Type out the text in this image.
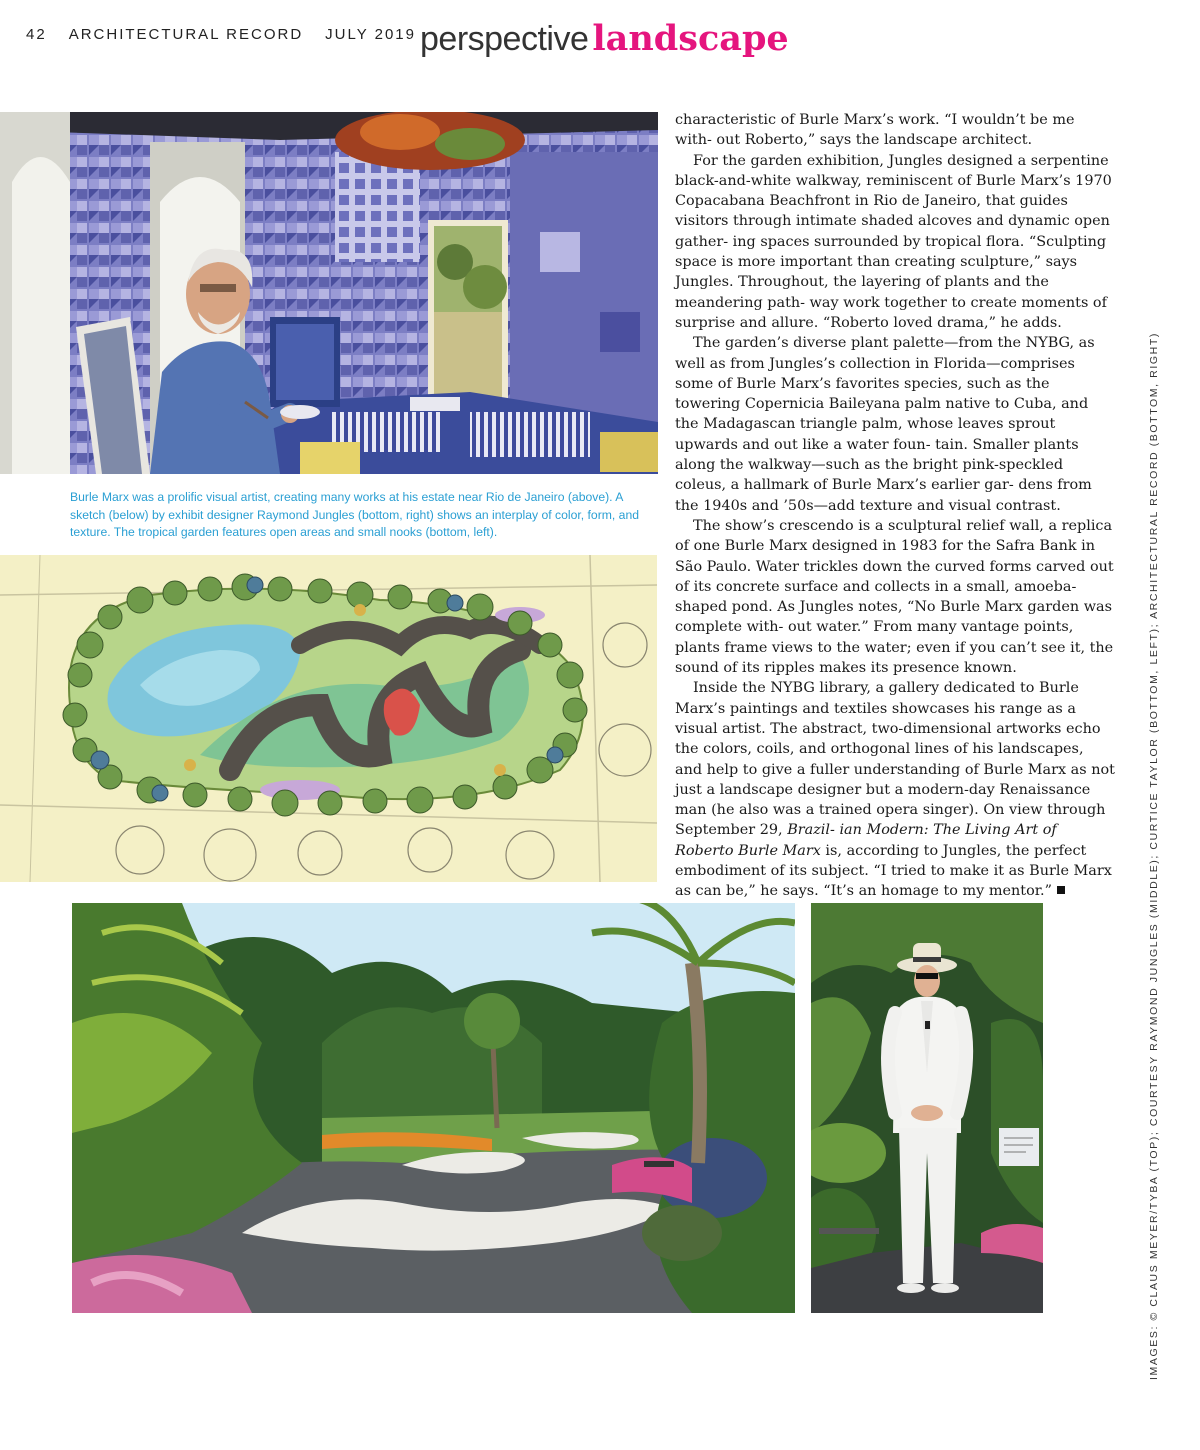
42 ARCHITECTURAL RECORD JULY 2019 perspective landscape
Burle Marx was a prolific visual artist, creating many works at his estate near Rio de Janeiro (above). A sketch (below) by exhibit designer Raymond Jungles (bottom, right) shows an interplay of color, form, and texture. The tropical garden features open areas and small nooks (bottom, left).

characteristic of Burle Marx’s work. “I wouldn’t be me with- out Roberto,” says the landscape architect.

For the garden exhibition, Jungles designed a serpentine black-and-white walkway, reminiscent of Burle Marx’s 1970 Copacabana Beachfront in Rio de Janeiro, that guides visitors through intimate shaded alcoves and dynamic open gather- ing spaces surrounded by tropical flora. “Sculpting space is more important than creating sculpture,” says Jungles. Throughout, the layering of plants and the meandering path- way work together to create moments of surprise and allure. “Roberto loved drama,” he adds.

The garden’s diverse plant palette—from the NYBG, as well as from Jungles’s collection in Florida—comprises some of Burle Marx’s favorites species, such as the towering Copernicia Baileyana palm native to Cuba, and the Madagascan triangle palm, whose leaves sprout upwards and out like a water foun- tain. Smaller plants along the walkway—such as the bright pink-speckled coleus, a hallmark of Burle Marx’s earlier gar- dens from the 1940s and ’50s—add texture and visual contrast.

The show’s crescendo is a sculptural relief wall, a replica of one Burle Marx designed in 1983 for the Safra Bank in São Paulo. Water trickles down the curved forms carved out of its concrete surface and collects in a small, amoeba-shaped pond. As Jungles notes, “No Burle Marx garden was complete with- out water.” From many vantage points, plants frame views to the water; even if you can’t see it, the sound of its ripples makes its presence known.

Inside the NYBG library, a gallery dedicated to Burle Marx’s paintings and textiles showcases his range as a visual artist. The abstract, two-dimensional artworks echo the colors, coils, and orthogonal lines of his landscapes, and help to give a fuller understanding of Burle Marx as not just a landscape designer but a modern-day Renaissance man (he also was a trained opera singer). On view through September 29, Brazil- ian Modern: The Living Art of Roberto Burle Marx is, according to Jungles, the perfect embodiment of its subject. “I tried to make it as Burle Marx as can be,” he says. “It’s an homage to my mentor.”	IMAGES: © CLAUS MEYER/TYBA (TOP); COURTESY RAYMOND JUNGLES (MIDDLE); CURTICE TAYLOR (BOTTOM, LEFT); ARCHITECTURAL RECORD (BOTTOM, RIGHT)
